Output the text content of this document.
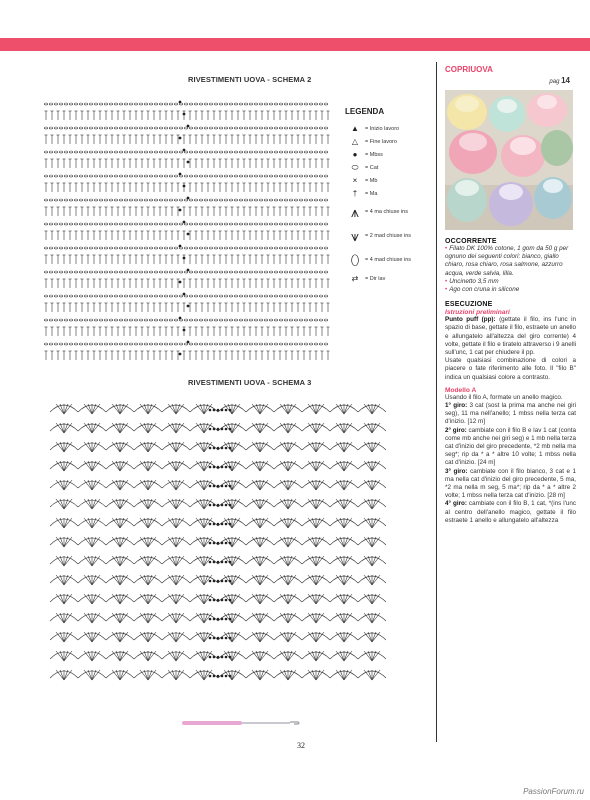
RIVESTIMENTI UOVA - SCHEMA 2
RIVESTIMENTI UOVA - SCHEMA 3
LEGENDA
▲	= Inizio lavoro
△	= Fine lavoro
●	= Mbss
⬭	= Cat
×	= Mb
†	= Ma
⩚	= 4 ma chiuse ins
⩛	= 2 mad chiuse ins
⬯	= 4 mad chiuse ins
⇄	= Dir lav
COPRIUOVA
pag 14
OCCORRENTE
• Filato DK 100% cotone, 1 gom da 50 g per ognuno dei seguenti colori: bianco, giallo chiaro, rosa chiaro, rosa salmone, azzurro acqua, verde salvia, lilla.
• Uncinetto 3,5 mm
• Ago con cruna in silicone
ESECUZIONE
Istruzioni preliminari
Punto puff (pp): (gettate il filo, ins l'unc in spazio di base, gettate il filo, estraete un anello e allungatelo all'altezza del giro corrente) 4 volte, gettate il filo e tiratelo attraverso i 9 anelli sull'unc, 1 cat per chiudere il pp.
Usate qualsiasi combinazione di colori a piacere o fate riferimento alle foto. Il "filo B" indica un qualsiasi colore a contrasto.
Modello A
Usando il filo A, formate un anello magico.
1° giro: 3 cat (sost la prima ma anche nei giri seg), 11 ma nell'anello; 1 mbss nella terza cat d'inizio. [12 m]
2° giro: cambiate con il filo B e lav 1 cat (conta come mb anche nei giri seg) e 1 mb nella terza cat d'inizio del giro precedente, *2 mb nella ma seg*; rip da * a * altre 10 volte; 1 mbss nella cat d'inizio. [24 m]
3° giro: cambiate con il filo bianco, 3 cat e 1 ma nella cat d'inizio del giro precedente, 5 ma, *2 ma nella m seg, 5 ma*; rip da * a * altre 2 volte; 1 mbss nella terza cat d'inizio. [28 m]
4° giro: cambiate con il filo B, 1 cat, *(ins l'unc al centro dell'anello magico, gettate il filo estraete 1 anello e allungatelo all'altezza
32
PassionForum.ru
